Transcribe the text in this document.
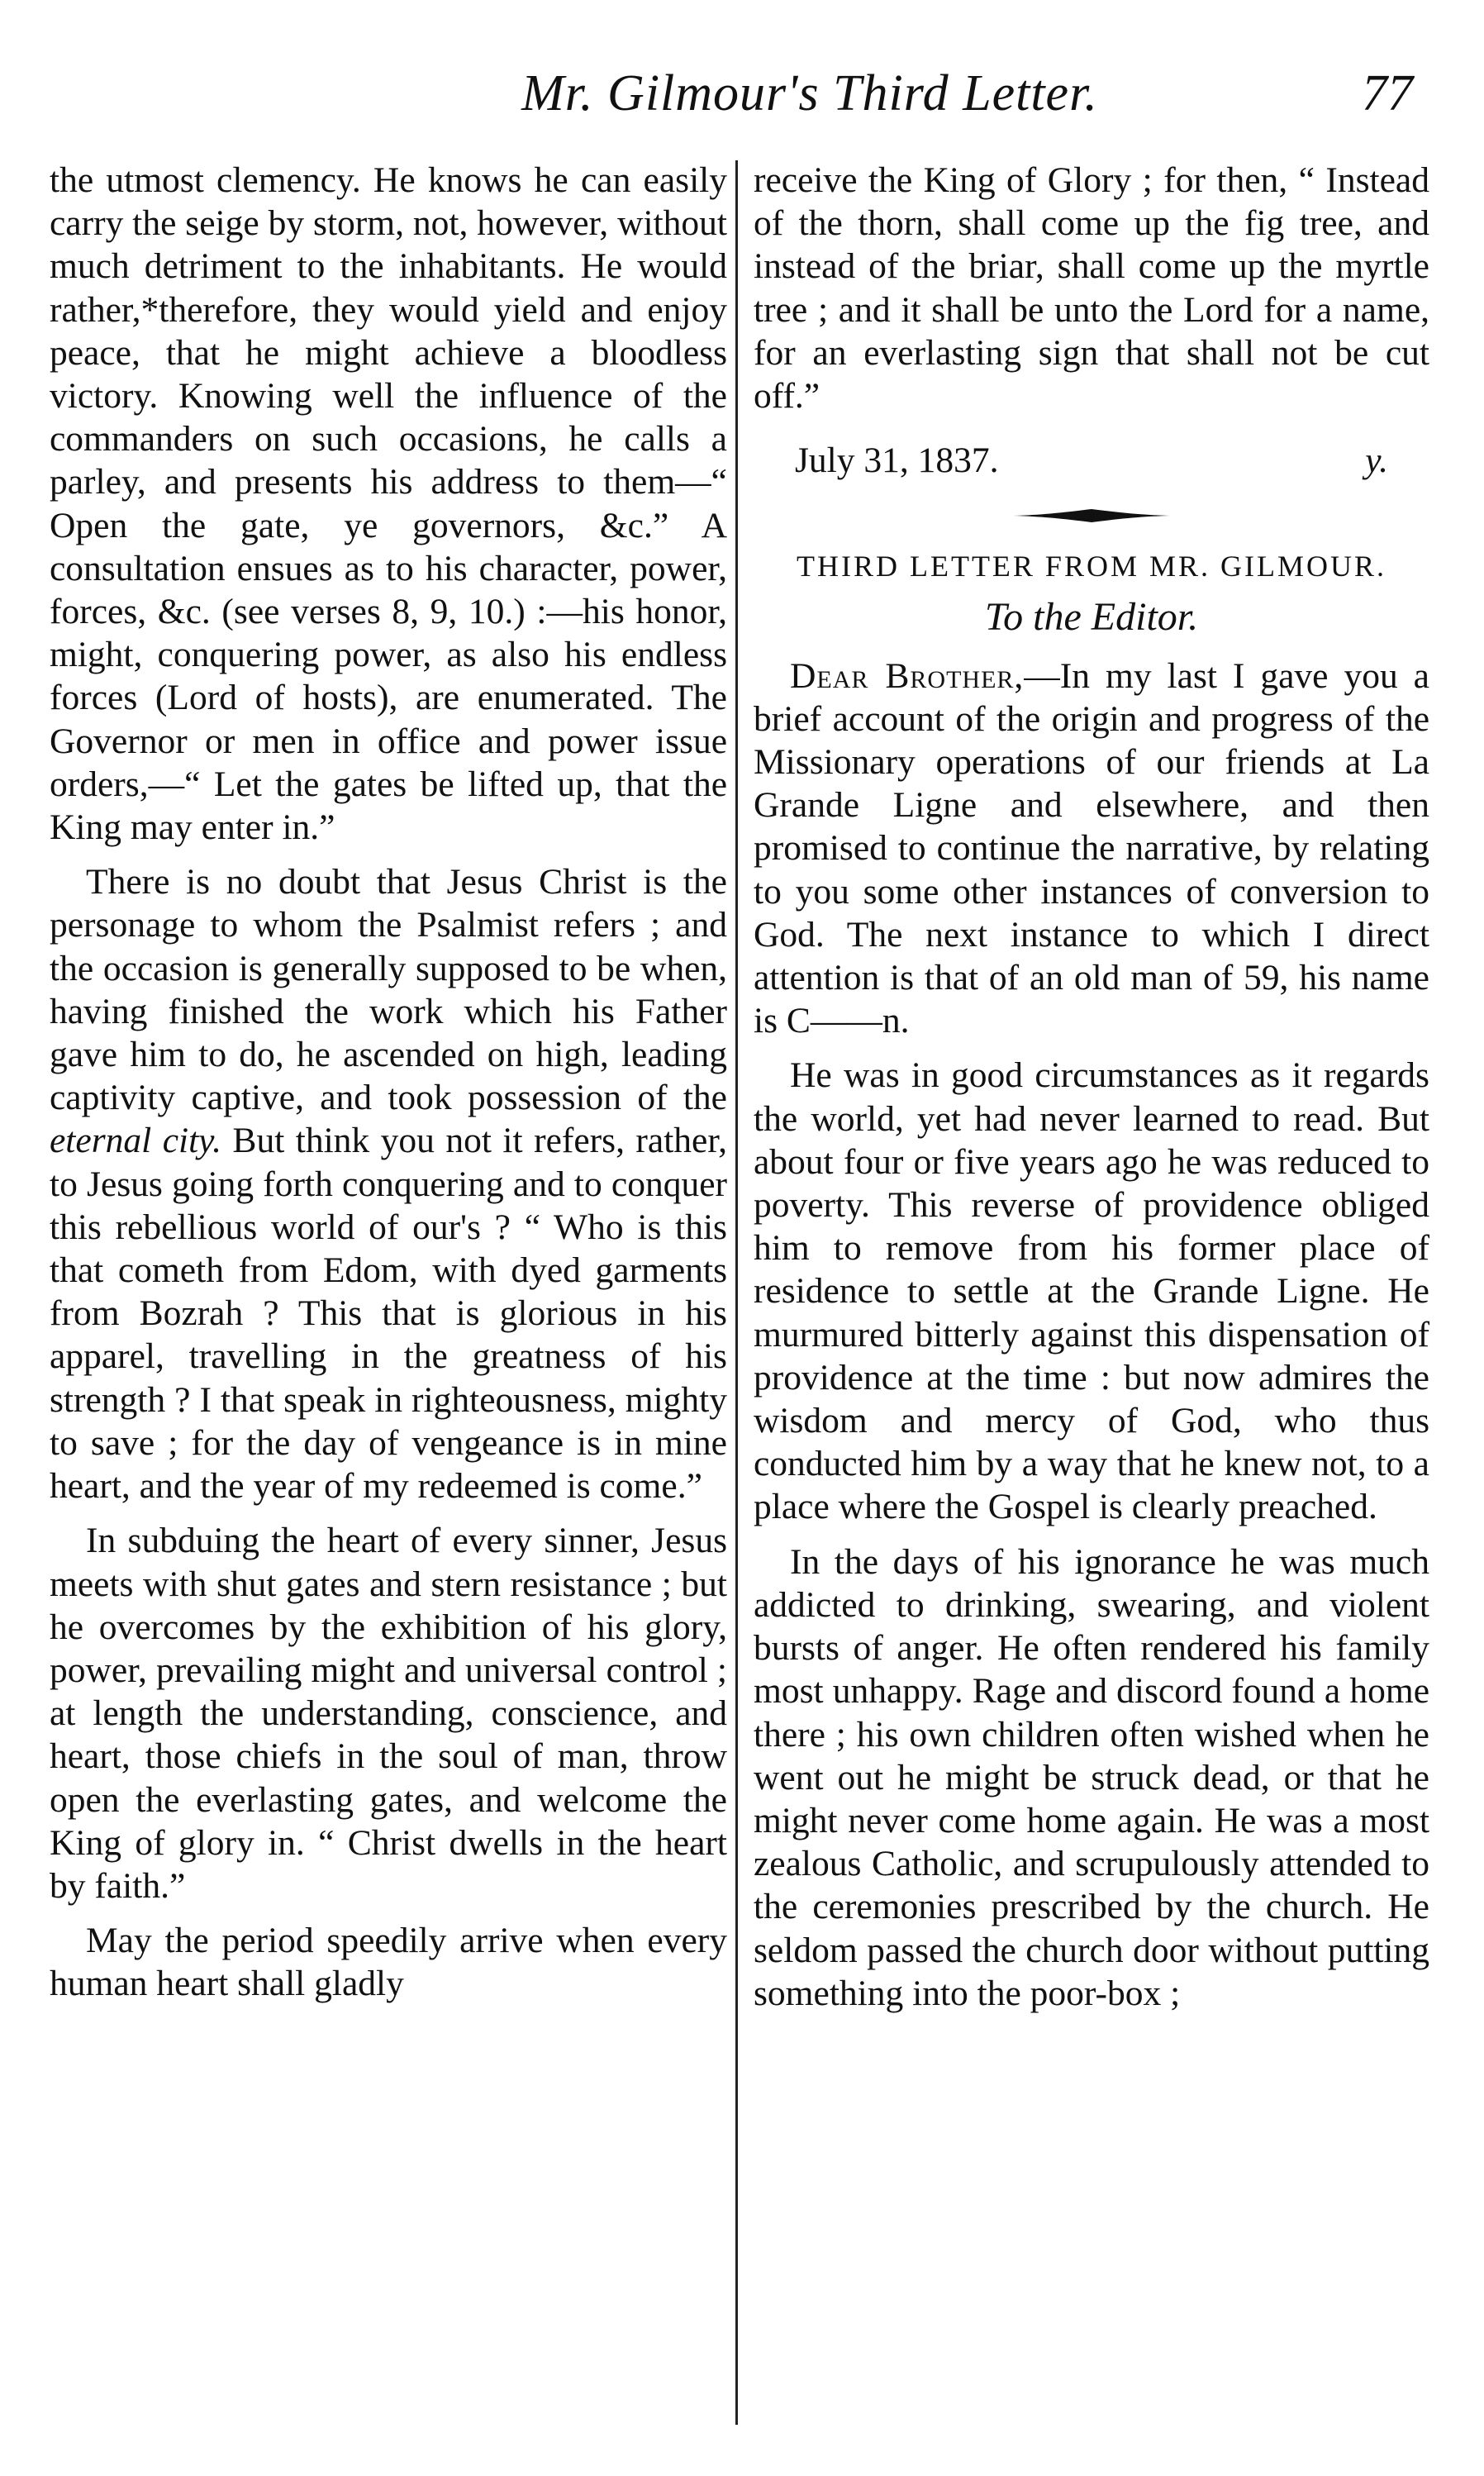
Mr. Gilmour's Third Letter.	77

the utmost clemency. He knows he can easily carry the seige by storm, not, however, without much detriment to the inhabitants. He would rather,*therefore, they would yield and enjoy peace, that he might achieve a bloodless victory. Knowing well the influence of the commanders on such occasions, he calls a parley, and presents his address to them—“ Open the gate, ye governors, &c.” A consultation ensues as to his character, power, forces, &c. (see verses 8, 9, 10.) :—his honor, might, conquering power, as also his endless forces (Lord of hosts), are enumerated. The Governor or men in office and power issue orders,—“ Let the gates be lifted up, that the King may enter in.”

There is no doubt that Jesus Christ is the personage to whom the Psalmist refers ; and the occasion is generally supposed to be when, having finished the work which his Father gave him to do, he ascended on high, leading captivity captive, and took possession of the eternal city. But think you not it refers, rather, to Jesus going forth conquering and to conquer this rebellious world of our's ? “ Who is this that cometh from Edom, with dyed garments from Bozrah ? This that is glorious in his apparel, travelling in the greatness of his strength ? I that speak in righteousness, mighty to save ; for the day of vengeance is in mine heart, and the year of my redeemed is come.”

In subduing the heart of every sinner, Jesus meets with shut gates and stern resistance ; but he overcomes by the exhibition of his glory, power, prevailing might and universal control ; at length the understanding, conscience, and heart, those chiefs in the soul of man, throw open the everlasting gates, and welcome the King of glory in. “ Christ dwells in the heart by faith.”

May the period speedily arrive when every human heart shall gladly

receive the King of Glory ; for then, “ Instead of the thorn, shall come up the fig tree, and instead of the briar, shall come up the myrtle tree ; and it shall be unto the Lord for a name, for an everlasting sign that shall not be cut off.”

July 31, 1837.	y.
THIRD LETTER FROM MR. GILMOUR.
To the Editor.

Dear Brother,—In my last I gave you a brief account of the origin and progress of the Missionary operations of our friends at La Grande Ligne and elsewhere, and then promised to continue the narrative, by relating to you some other instances of conversion to God. The next instance to which I direct attention is that of an old man of 59, his name is C——n.

He was in good circumstances as it regards the world, yet had never learned to read. But about four or five years ago he was reduced to poverty. This reverse of providence obliged him to remove from his former place of residence to settle at the Grande Ligne. He murmured bitterly against this dispensation of providence at the time : but now admires the wisdom and mercy of God, who thus conducted him by a way that he knew not, to a place where the Gospel is clearly preached.

In the days of his ignorance he was much addicted to drinking, swearing, and violent bursts of anger. He often rendered his family most unhappy. Rage and discord found a home there ; his own children often wished when he went out he might be struck dead, or that he might never come home again. He was a most zealous Catholic, and scrupulously attended to the ceremonies prescribed by the church. He seldom passed the church door without putting something into the poor-box ;
